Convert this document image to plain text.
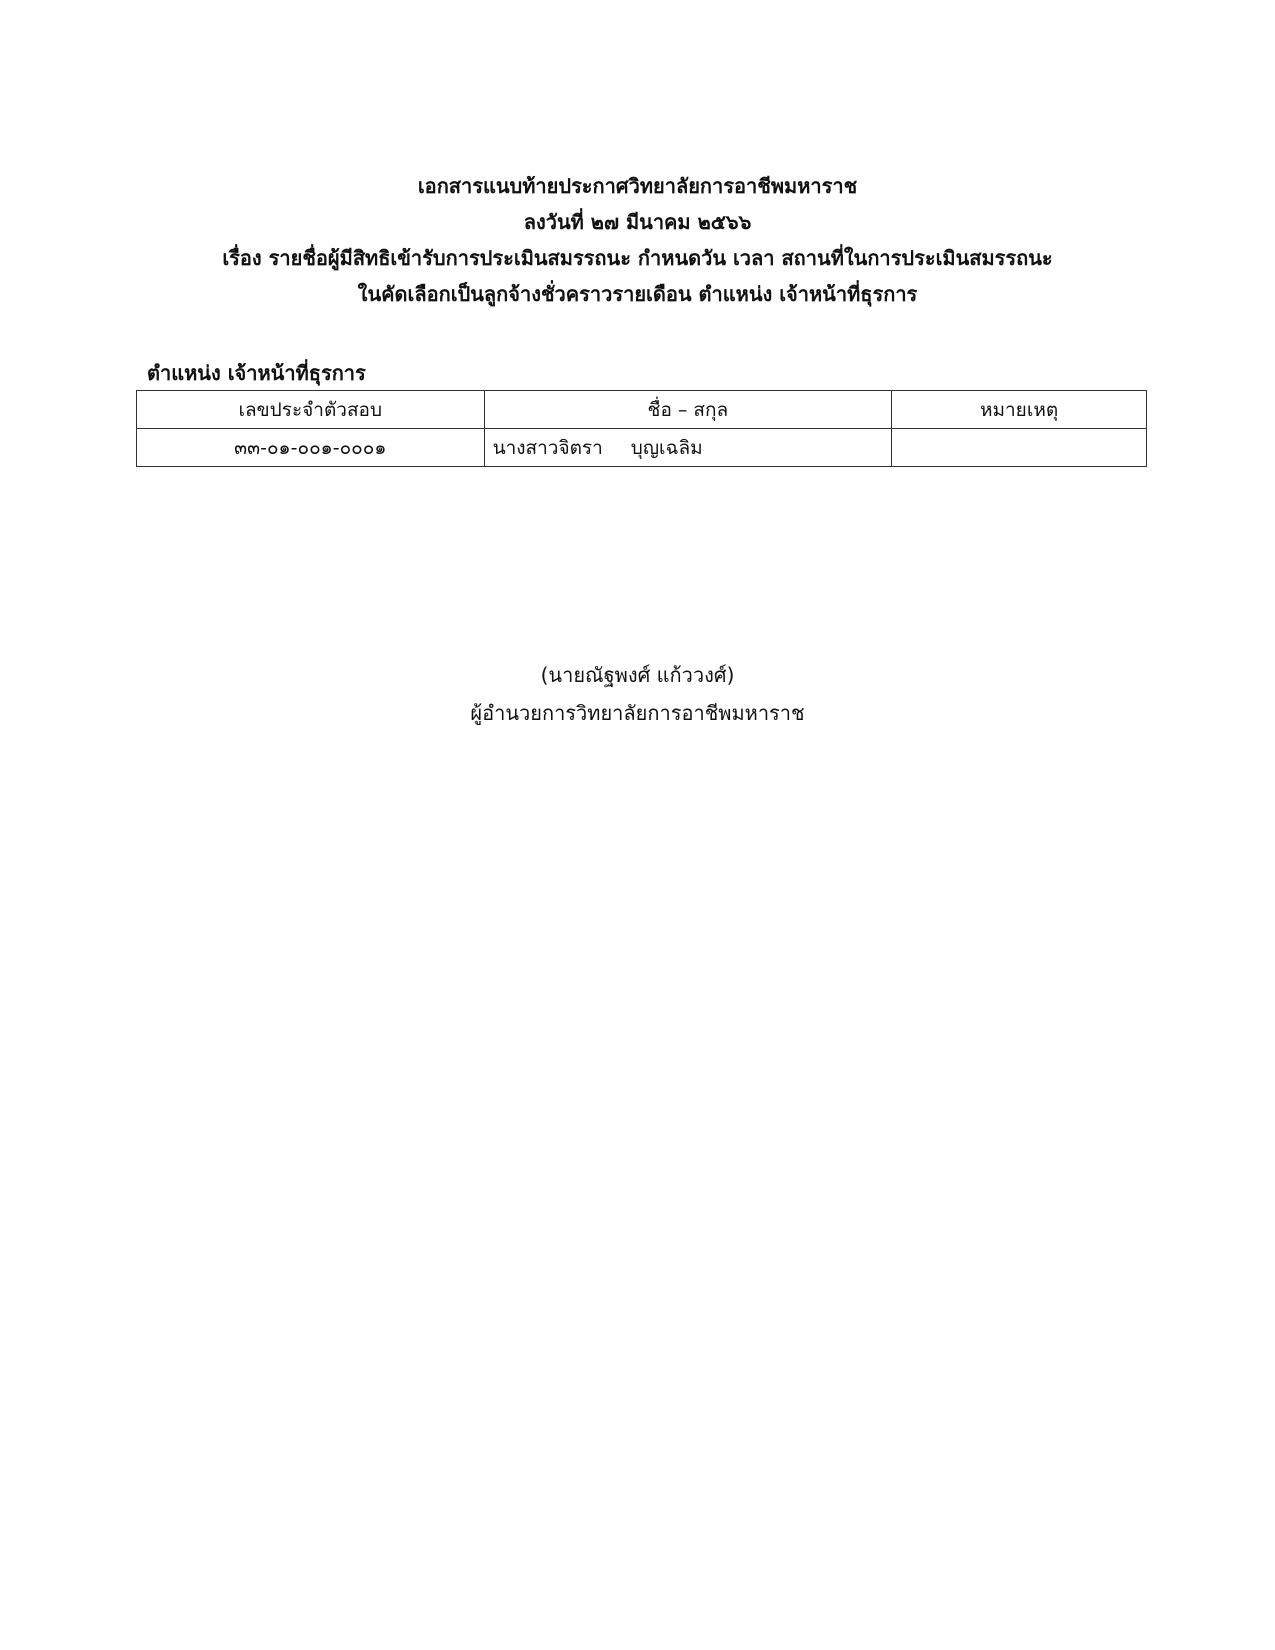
เอกสารแนบท้ายประกาศวิทยาลัยการอาชีพมหาราช
ลงวันที่ ๒๗ มีนาคม ๒๕๖๖
เรื่อง รายชื่อผู้มีสิทธิเข้ารับการประเมินสมรรถนะ กำหนดวัน เวลา สถานที่ในการประเมินสมรรถนะ
ในคัดเลือกเป็นลูกจ้างชั่วคราวรายเดือน ตำแหน่ง เจ้าหน้าที่ธุรการ
ตำแหน่ง เจ้าหน้าที่ธุรการ
เลขประจำตัวสอบ	ชื่อ – สกุล	หมายเหตุ
๓๓-๐๑-๐๐๑-๐๐๐๑	นางสาวจิตรา บุญเฉลิม	
(นายณัฐพงศ์ แก้ววงศ์)
ผู้อำนวยการวิทยาลัยการอาชีพมหาราช
